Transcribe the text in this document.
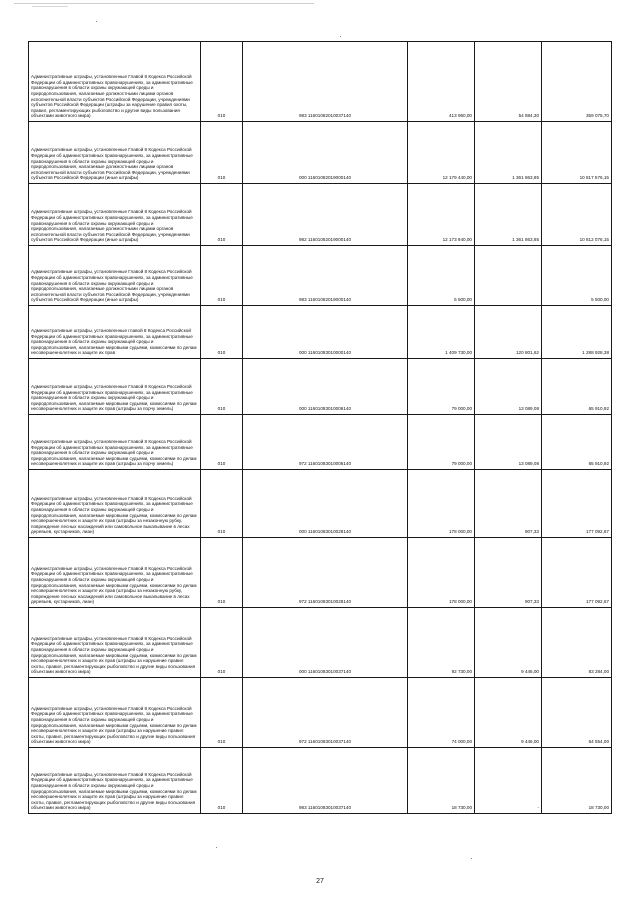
Административные штрафы, установленные Главой 8 Кодекса Российской Федерации об административных правонарушениях, за административные правонарушения в области охраны окружающей среды и природопользования, налагаемые должностными лицами органов исполнительной власти субъектов Российской Федерации, учреждениями субъектов Российской Федерации (штрафы за нарушение правил охоты, правил, регламентирующих рыболовство и другие виды пользования объектами животного мира)	010	983 11601082010037140	413 960,00	54 884,30	359 075,70
Административные штрафы, установленные Главой 8 Кодекса Российской Федерации об административных правонарушениях, за административные правонарушения в области охраны окружающей среды и природопользования, налагаемые должностными лицами органов исполнительной власти субъектов Российской Федерации, учреждениями субъектов Российской Федерации (иные штрафы)	010	000 11601082019000140	12 179 440,00	1 361 863,85	10 817 576,15
Административные штрафы, установленные Главой 8 Кодекса Российской Федерации об административных правонарушениях, за административные правонарушения в области охраны окружающей среды и природопользования, налагаемые должностными лицами органов исполнительной власти субъектов Российской Федерации, учреждениями субъектов Российской Федерации (иные штрафы)	010	982 11601082019000140	12 173 940,00	1 361 863,85	10 812 076,15
Административные штрафы, установленные Главой 8 Кодекса Российской Федерации об административных правонарушениях, за административные правонарушения в области охраны окружающей среды и природопользования, налагаемые должностными лицами органов исполнительной власти субъектов Российской Федерации, учреждениями субъектов Российской Федерации (иные штрафы)	010	983 11601082019000140	5 500,00		5 500,00
Административные штрафы, установленные главой 8 Кодекса Российской Федерации об административных правонарушениях, за административные правонарушения в области охраны окружающей среды и природопользования, налагаемые мировыми судьями, комиссиями по делам несовершеннолетних и защите их прав	010	000 11601083010000140	1 409 730,00	120 801,62	1 288 928,38
Административные штрафы, установленные Главой 8 Кодекса Российской Федерации об административных правонарушениях, за административные правонарушения в области охраны окружающей среды и природопользования, налагаемые мировыми судьями, комиссиями по делам несовершеннолетних и защите их прав (штрафы за порчу земель)	010	000 11601083010006140	79 000,00	13 089,08	65 910,92
Административные штрафы, установленные Главой 8 Кодекса Российской Федерации об административных правонарушениях, за административные правонарушения в области охраны окружающей среды и природопользования, налагаемые мировыми судьями, комиссиями по делам несовершеннолетних и защите их прав (штрафы за порчу земель)	010	972 11601083010006140	79 000,00	13 089,08	65 910,92
Административные штрафы, установленные Главой 8 Кодекса Российской Федерации об административных правонарушениях, за административные правонарушения в области охраны окружающей среды и природопользования, налагаемые мировыми судьями, комиссиями по делам несовершеннолетних и защите их прав (штрафы за незаконную рубку, повреждение лесных насаждений или самовольное выкапывание в лесах деревьев, кустарников, лиан)	010	000 11601083010028140	178 000,00	907,33	177 092,67
Административные штрафы, установленные Главой 8 Кодекса Российской Федерации об административных правонарушениях, за административные правонарушения в области охраны окружающей среды и природопользования, налагаемые мировыми судьями, комиссиями по делам несовершеннолетних и защите их прав (штрафы за незаконную рубку, повреждение лесных насаждений или самовольное выкапывание в лесах деревьев, кустарников, лиан)	010	972 11601083010028140	178 000,00	907,33	177 092,67
Административные штрафы, установленные Главой 8 Кодекса Российской Федерации об административных правонарушениях, за административные правонарушения в области охраны окружающей среды и природопользования, налагаемые мировыми судьями, комиссиями по делам несовершеннолетних и защите их прав (штрафы за нарушение правил охоты, правил, регламентирующих рыболовство и другие виды пользования объектами животного мира)	010	000 11601083010037140	92 730,00	9 446,00	83 284,00
Административные штрафы, установленные Главой 8 Кодекса Российской Федерации об административных правонарушениях, за административные правонарушения в области охраны окружающей среды и природопользования, налагаемые мировыми судьями, комиссиями по делам несовершеннолетних и защите их прав (штрафы за нарушение правил охоты, правил, регламентирующих рыболовство и другие виды пользования объектами животного мира)	010	972 11601083010037140	74 000,00	9 446,00	64 554,00
Административные штрафы, установленные Главой 8 Кодекса Российской Федерации об административных правонарушениях, за административные правонарушения в области охраны окружающей среды и природопользования, налагаемые мировыми судьями, комиссиями по делам несовершеннолетних и защите их прав (штрафы за нарушение правил охоты, правил, регламентирующих рыболовство и другие виды пользования объектами животного мира)	010	983 11601083010037140	18 730,00	-	18 730,00
27
